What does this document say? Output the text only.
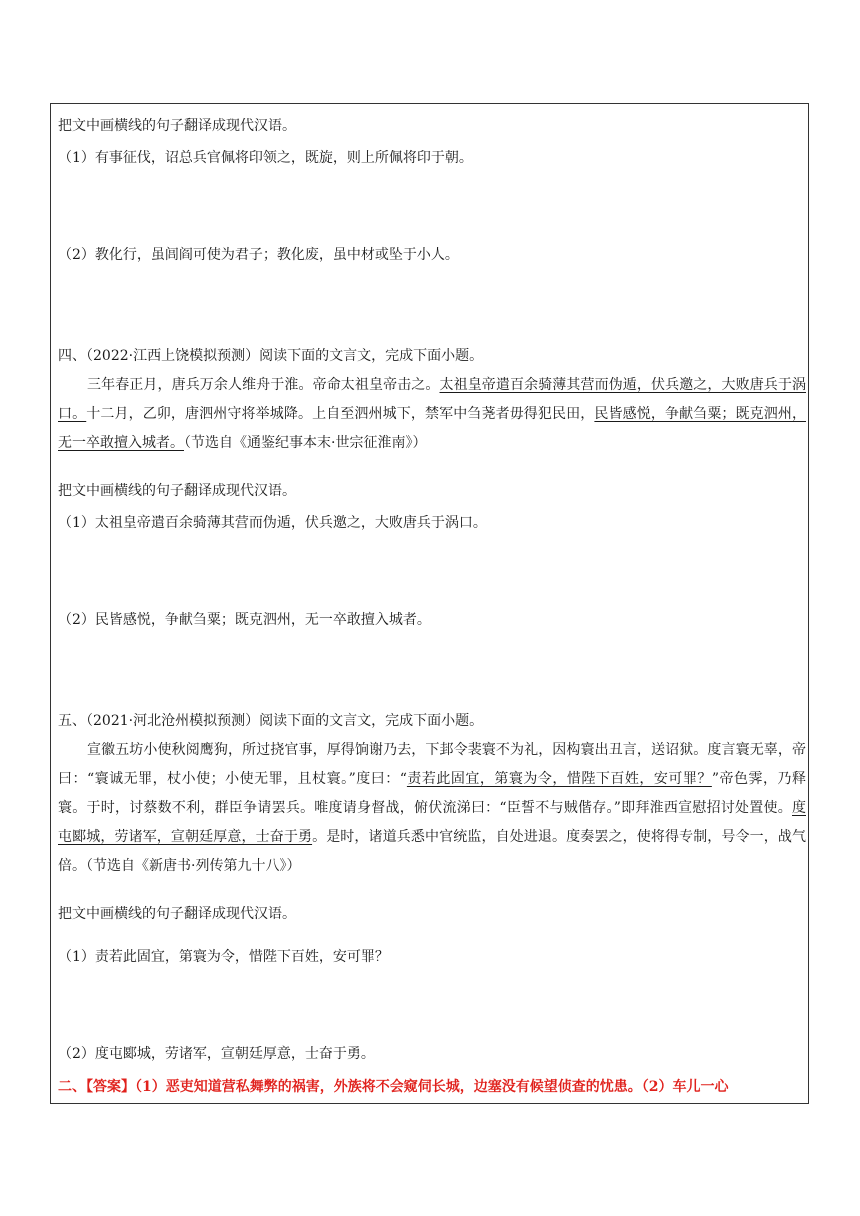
把文中画横线的句子翻译成现代汉语。
（1）有事征伐，诏总兵官佩将印领之，既旋，则上所佩将印于朝。
（2）教化行，虽闾阎可使为君子；教化废，虽中材或坠于小人。
四、（2022·江西上饶模拟预测）阅读下面的文言文，完成下面小题。
三年春正月，唐兵万余人维舟于淮。帝命太祖皇帝击之。太祖皇帝遣百余骑薄其营而伪遁，伏兵邀之，大败唐兵于涡口。十二月，乙卯，唐泗州守将举城降。上自至泗州城下，禁军中刍荛者毋得犯民田，民皆感悦，争献刍粟；既克泗州，无一卒敢擅入城者。（节选自《通鉴纪事本末·世宗征淮南》）
把文中画横线的句子翻译成现代汉语。
（1）太祖皇帝遣百余骑薄其营而伪遁，伏兵邀之，大败唐兵于涡口。
（2）民皆感悦，争献刍粟；既克泗州，无一卒敢擅入城者。
五、（2021·河北沧州模拟预测）阅读下面的文言文，完成下面小题。
宣徽五坊小使秋阅鹰狗，所过挠官事，厚得饷谢乃去，下邽令裴寰不为礼，因构寰出丑言，送诏狱。度言寰无辜，帝曰：“寰诚无罪，杖小使；小使无罪，且杖寰。”度曰：“责若此固宜，第寰为令，惜陛下百姓，安可罪？”帝色霁，乃释寰。于时，讨蔡数不利，群臣争请罢兵。唯度请身督战，俯伏流涕曰：“臣誓不与贼偕存。”即拜淮西宣慰招讨处置使。度屯郾城，劳诸军，宣朝廷厚意，士奋于勇。是时，诸道兵悉中官统监，自处进退。度奏罢之，使将得专制，号令一，战气倍。（节选自《新唐书·列传第九十八》）
把文中画横线的句子翻译成现代汉语。
（1）责若此固宜，第寰为令，惜陛下百姓，安可罪？
（2）度屯郾城，劳诸军，宣朝廷厚意，士奋于勇。
二、【答案】（1）恶吏知道营私舞弊的祸害，外族将不会窥伺长城，边塞没有候望侦查的忧患。（2）车儿一心
